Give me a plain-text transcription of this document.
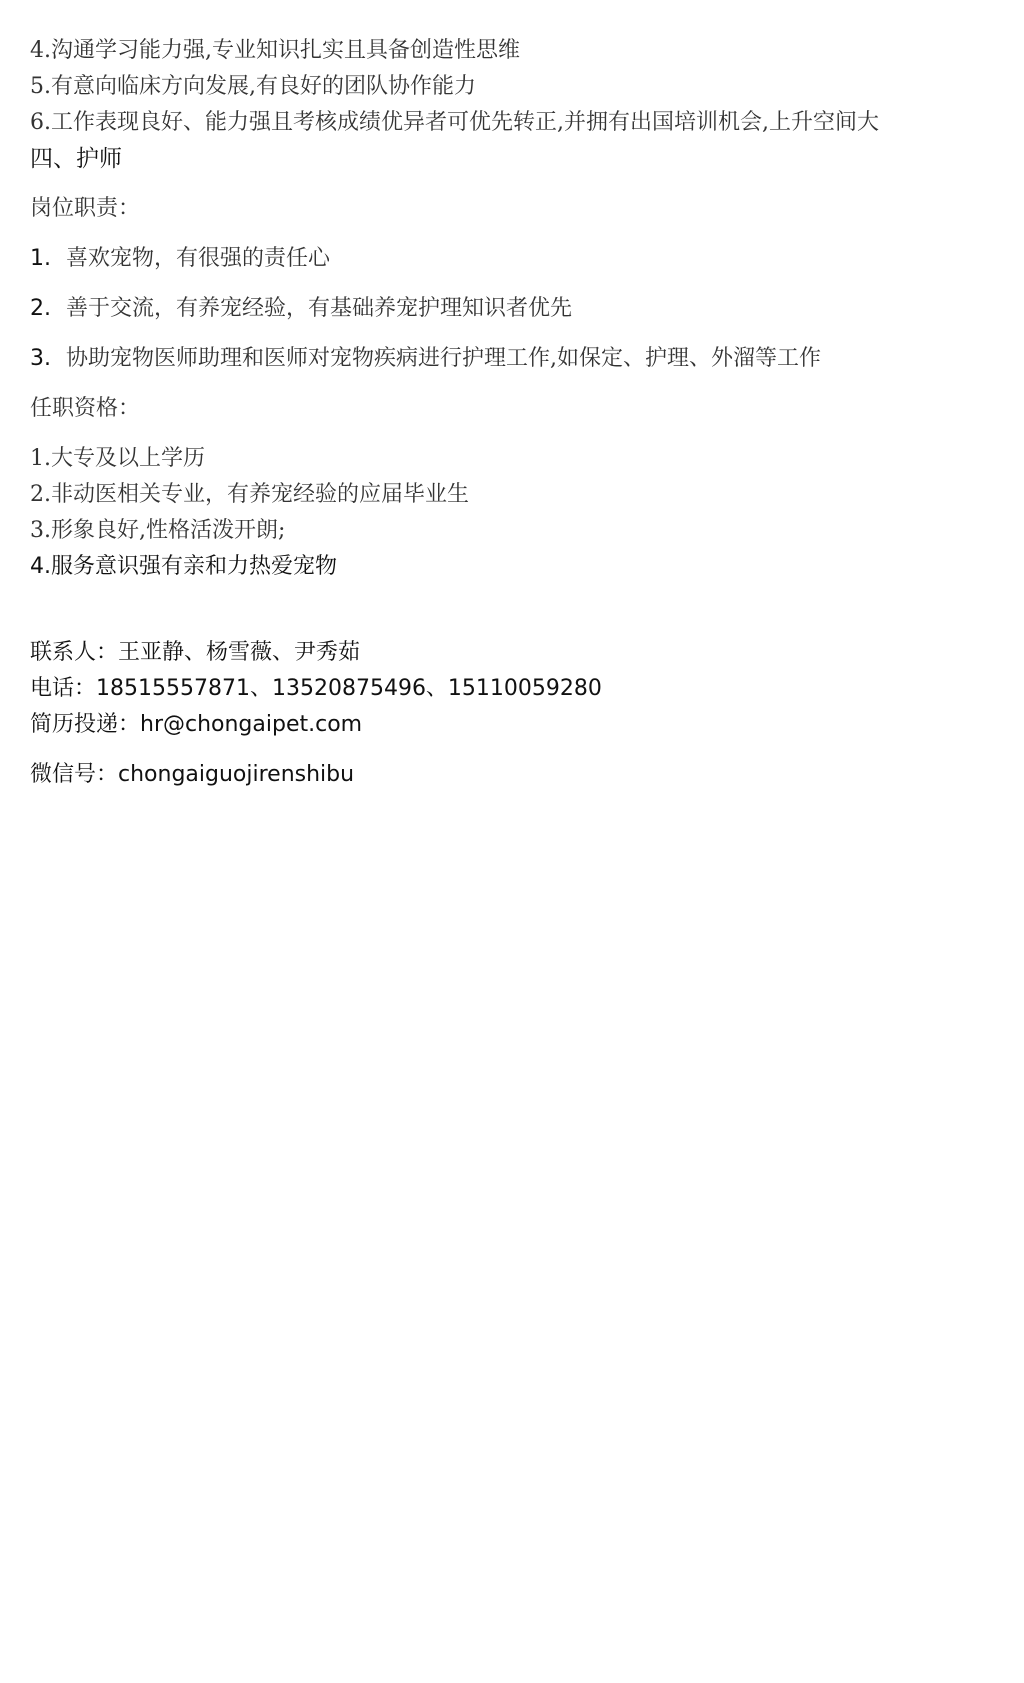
4.沟通学习能力强,专业知识扎实且具备创造性思维
5.有意向临床方向发展,有良好的团队协作能力
6.工作表现良好、能力强且考核成绩优异者可优先转正,并拥有出国培训机会,上升空间大
四、护师
岗位职责：
1. 喜欢宠物，有很强的责任心
2. 善于交流，有养宠经验，有基础养宠护理知识者优先
3. 协助宠物医师助理和医师对宠物疾病进行护理工作,如保定、护理、外溜等工作
任职资格：
1.大专及以上学历
2.非动医相关专业，有养宠经验的应届毕业生
3.形象良好,性格活泼开朗;
4.服务意识强有亲和力热爱宠物
联系人：王亚静、杨雪薇、尹秀茹
电话：18515557871、13520875496、15110059280
简历投递：hr@chongaipet.com
微信号：chongaiguojirenshibu
